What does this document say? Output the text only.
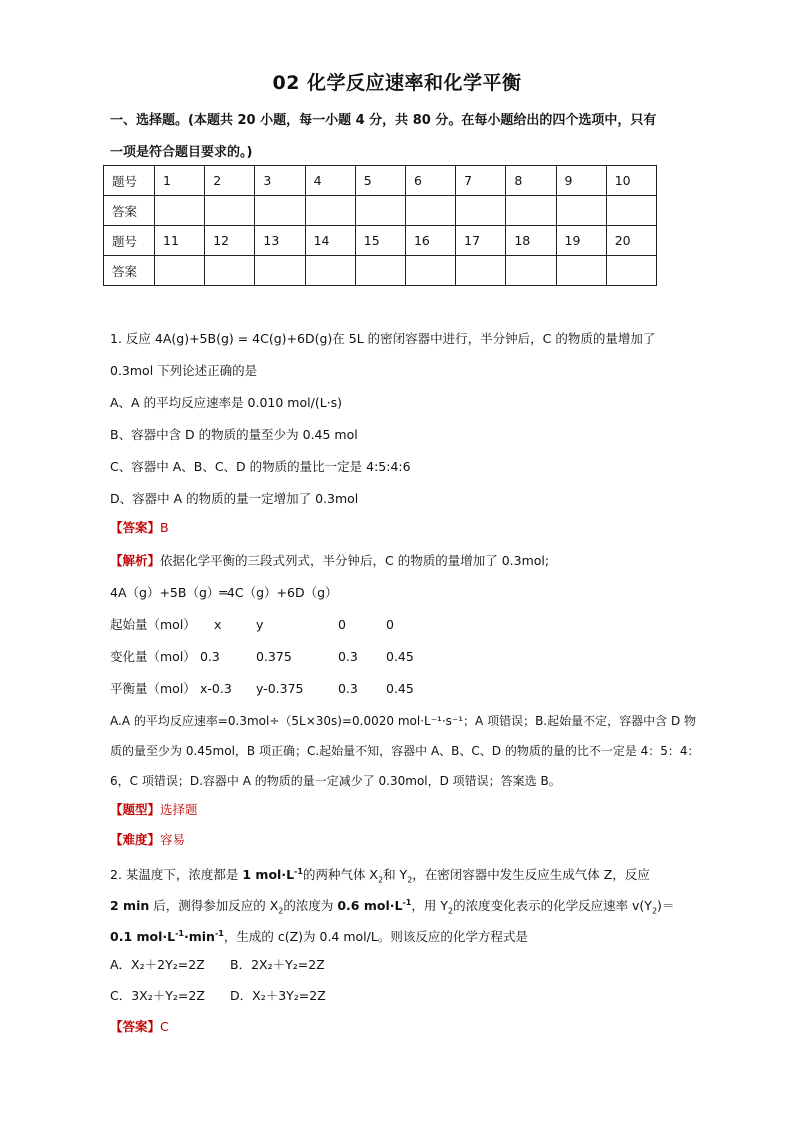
02 化学反应速率和化学平衡
一、选择题。(本题共 20 小题，每一小题 4 分，共 80 分。在每小题给出的四个选项中，只有
一项是符合题目要求的。)
题号	1	2	3	4	5	6	7	8	9	10
答案										
题号	11	12	13	14	15	16	17	18	19	20
答案										
1. 反应 4A(g)+5B(g) = 4C(g)+6D(g)在 5L 的密闭容器中进行，半分钟后，C 的物质的量增加了
0.3mol 下列论述正确的是
A、A 的平均反应速率是 0.010 mol/(L·s)
B、容器中含 D 的物质的量至少为 0.45 mol
C、容器中 A、B、C、D 的物质的量比一定是 4:5:4:6
D、容器中 A 的物质的量一定增加了 0.3mol
【答案】B
【解析】依据化学平衡的三段式列式，半分钟后，C 的物质的量增加了 0.3mol;
4A（g）+5B（g）═4C（g）+6D（g）
起始量（mol） x	y	0	0
变化量（mol） 0.3	0.375	0.3 0.45
平衡量（mol） x-0.3 y-0.375	0.3 0.45
A.A 的平均反应速率=0.3mol÷（5L×30s)=0.0020 mol·L⁻¹·s⁻¹；A 项错误；B.起始量不定，容器中含 D 物
质的量至少为 0.45mol，B 项正确；C.起始量不知，容器中 A、B、C、D 的物质的量的比不一定是 4：5：4：
6，C 项错误；D.容器中 A 的物质的量一定减少了 0.30mol，D 项错误；答案选 B。
【题型】选择题
【难度】容易
2. 某温度下，浓度都是 1 $mol\cdot L^{-1}$的两种气体 $X_2$和 $Y_2$，在密闭容器中发生反应生成气体 Z，反应
2 min 后，测得参加反应的 $X_2$的浓度为 0.6 $mol\cdot L^{-1}$，用 $Y_2$的浓度变化表示的化学反应速率 $v(Y_2)=$
0.1 $mol\cdot L^{-1}\cdot\min^{-1}$，生成的 c(Z)为 0.4 mol/L。则该反应的化学方程式是
A．X₂＋2Y₂=2Z B．2X₂＋Y₂=2Z
C．3X₂＋Y₂=2Z D．X₂＋3Y₂=2Z
【答案】C
